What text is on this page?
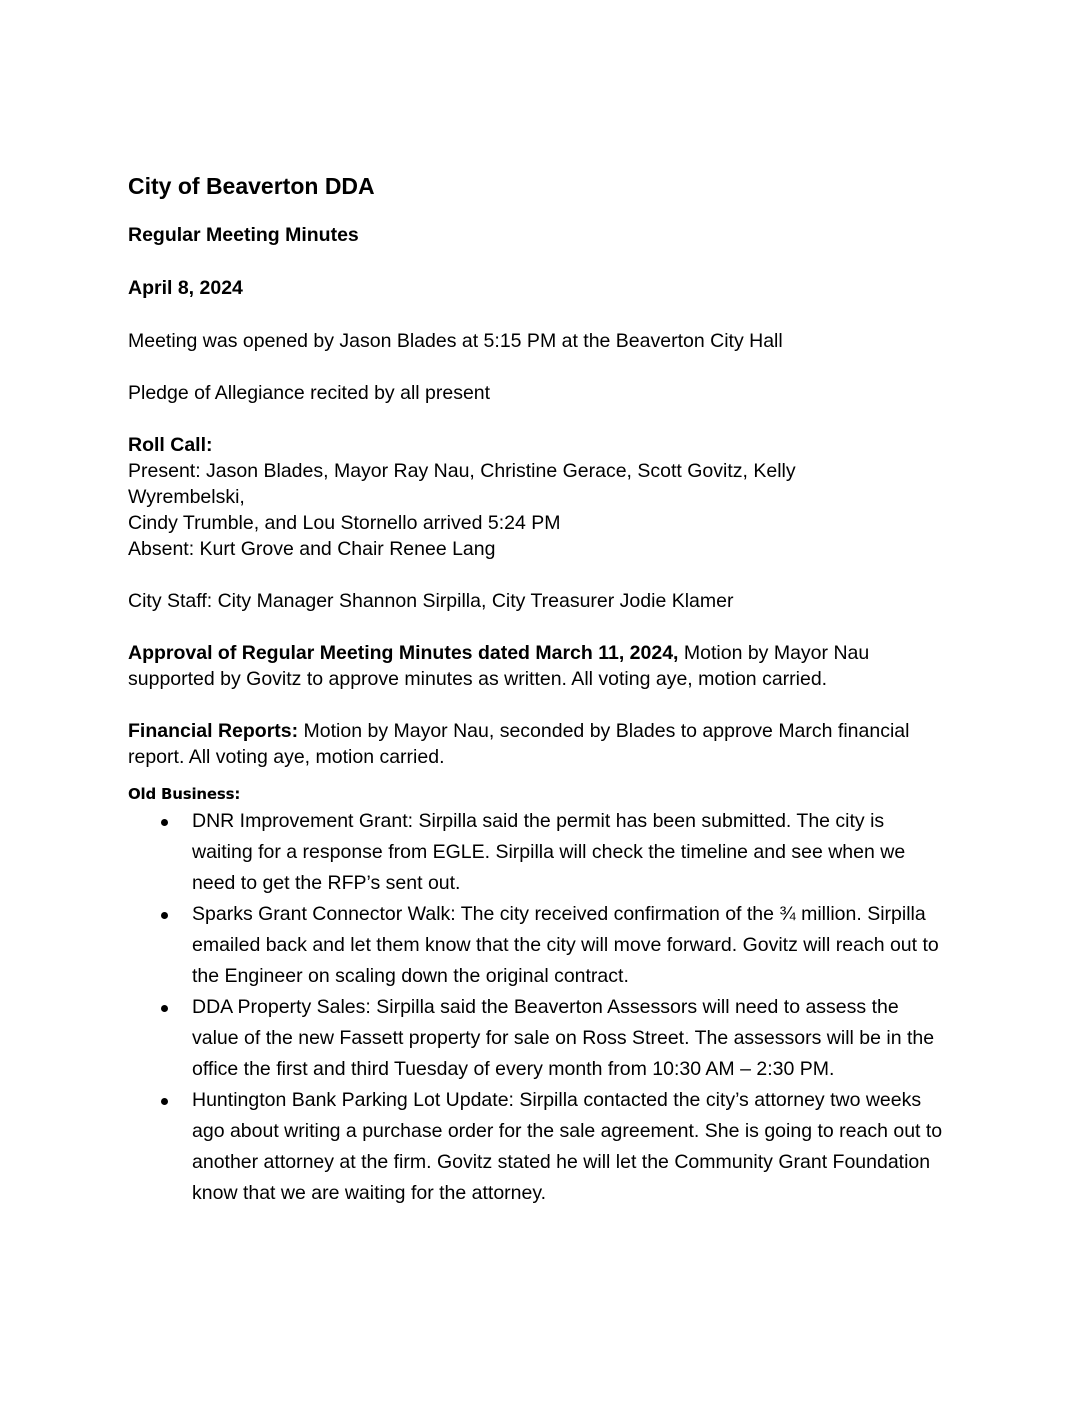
City of Beaverton DDA
Regular Meeting Minutes
April 8, 2024
Meeting was opened by Jason Blades at 5:15 PM at the Beaverton City Hall
Pledge of Allegiance recited by all present
Roll Call:
Present: Jason Blades, Mayor Ray Nau, Christine Gerace, Scott Govitz, Kelly
Wyrembelski,
Cindy Trumble, and Lou Stornello arrived 5:24 PM
Absent: Kurt Grove and Chair Renee Lang
City Staff: City Manager Shannon Sirpilla, City Treasurer Jodie Klamer
Approval of Regular Meeting Minutes dated March 11, 2024, Motion by Mayor Nau supported by Govitz to approve minutes as written. All voting aye, motion carried.
Financial Reports: Motion by Mayor Nau, seconded by Blades to approve March financial report. All voting aye, motion carried.
Old Business:
DNR Improvement Grant: Sirpilla said the permit has been submitted. The city is waiting for a response from EGLE. Sirpilla will check the timeline and see when we need to get the RFP’s sent out.
Sparks Grant Connector Walk: The city received confirmation of the ¾ million. Sirpilla emailed back and let them know that the city will move forward. Govitz will reach out to the Engineer on scaling down the original contract.
DDA Property Sales: Sirpilla said the Beaverton Assessors will need to assess the value of the new Fassett property for sale on Ross Street. The assessors will be in the office the first and third Tuesday of every month from 10:30 AM – 2:30 PM.
Huntington Bank Parking Lot Update: Sirpilla contacted the city’s attorney two weeks ago about writing a purchase order for the sale agreement. She is going to reach out to another attorney at the firm. Govitz stated he will let the Community Grant Foundation know that we are waiting for the attorney.
